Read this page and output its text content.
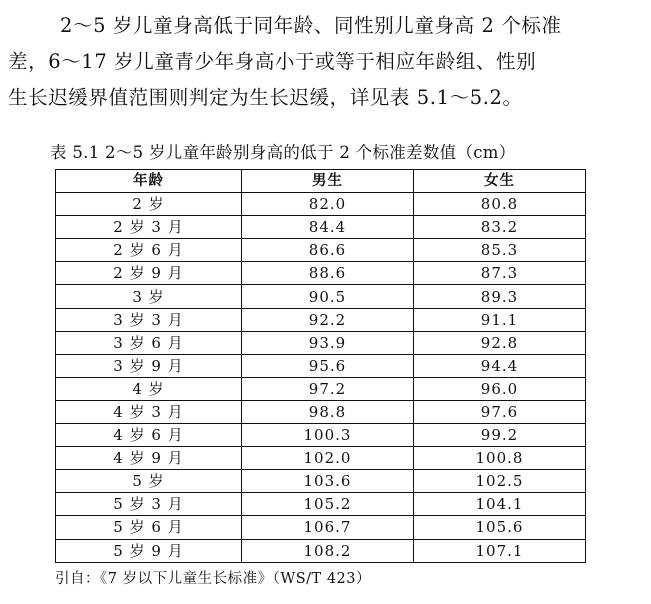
2～5 岁儿童身高低于同年龄、同性别儿童身高 2 个标准
差，6～17 岁儿童青少年身高小于或等于相应年龄组、性别
生长迟缓界值范围则判定为生长迟缓，详见表 5.1～5.2。

表 5.1 2～5 岁儿童年龄别身高的低于 2 个标准差数值（cm）
年龄	男生	女生
2 岁	82.0	80.8
2 岁 3 月	84.4	83.2
2 岁 6 月	86.6	85.3
2 岁 9 月	88.6	87.3
3 岁	90.5	89.3
3 岁 3 月	92.2	91.1
3 岁 6 月	93.9	92.8
3 岁 9 月	95.6	94.4
4 岁	97.2	96.0
4 岁 3 月	98.8	97.6
4 岁 6 月	100.3	99.2
4 岁 9 月	102.0	100.8
5 岁	103.6	102.5
5 岁 3 月	105.2	104.1
5 岁 6 月	106.7	105.6
5 岁 9 月	108.2	107.1
引自：《7 岁以下儿童生长标准》（WS/T 423）
